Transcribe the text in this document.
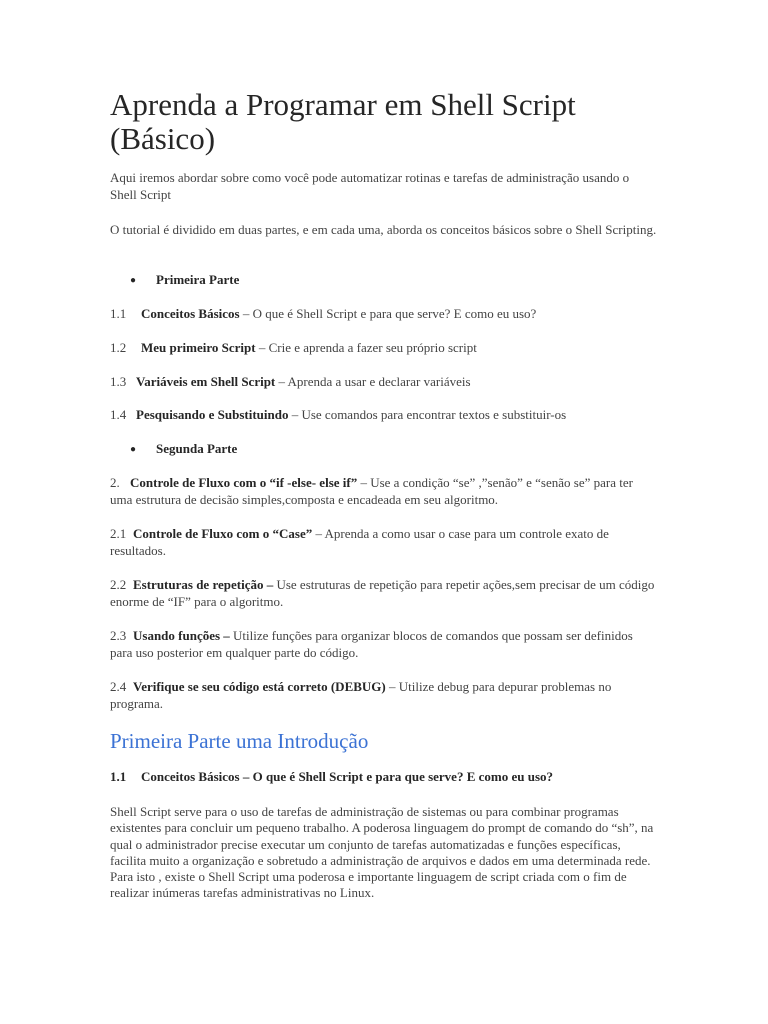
Aprenda a Programar em Shell Script
(Básico)

Aqui iremos abordar sobre como você pode automatizar rotinas e tarefas de administração usando o Shell Script

O tutorial é dividido em duas partes, e em cada uma, aborda os conceitos básicos sobre o Shell Scripting.

● Primeira Parte

1.1 Conceitos Básicos – O que é Shell Script e para que serve? E como eu uso?

1.2 Meu primeiro Script – Crie e aprenda a fazer seu próprio script

1.3 Variáveis em Shell Script – Aprenda a usar e declarar variáveis

1.4 Pesquisando e Substituindo – Use comandos para encontrar textos e substituir-os

● Segunda Parte

2. Controle de Fluxo com o “if -else- else if” – Use a condição “se” ,”senão” e “senão se” para ter uma estrutura de decisão simples,composta e encadeada em seu algoritmo.

2.1 Controle de Fluxo com o “Case” – Aprenda a como usar o case para um controle exato de resultados.

2.2 Estruturas de repetição – Use estruturas de repetição para repetir ações,sem precisar de um código enorme de “IF” para o algoritmo.

2.3 Usando funções – Utilize funções para organizar blocos de comandos que possam ser definidos para uso posterior em qualquer parte do código.

2.4 Verifique se seu código está correto (DEBUG) – Utilize debug para depurar problemas no programa.

Primeira Parte uma Introdução

1.1 Conceitos Básicos – O que é Shell Script e para que serve? E como eu uso?

Shell Script serve para o uso de tarefas de administração de sistemas ou para combinar programas existentes para concluir um pequeno trabalho. A poderosa linguagem do prompt de comando do “sh”, na qual o administrador precise executar um conjunto de tarefas automatizadas e funções específicas, facilita muito a organização e sobretudo a administração de arquivos e dados em uma determinada rede. Para isto , existe o Shell Script uma poderosa e importante linguagem de script criada com o fim de realizar inúmeras tarefas administrativas no Linux.
